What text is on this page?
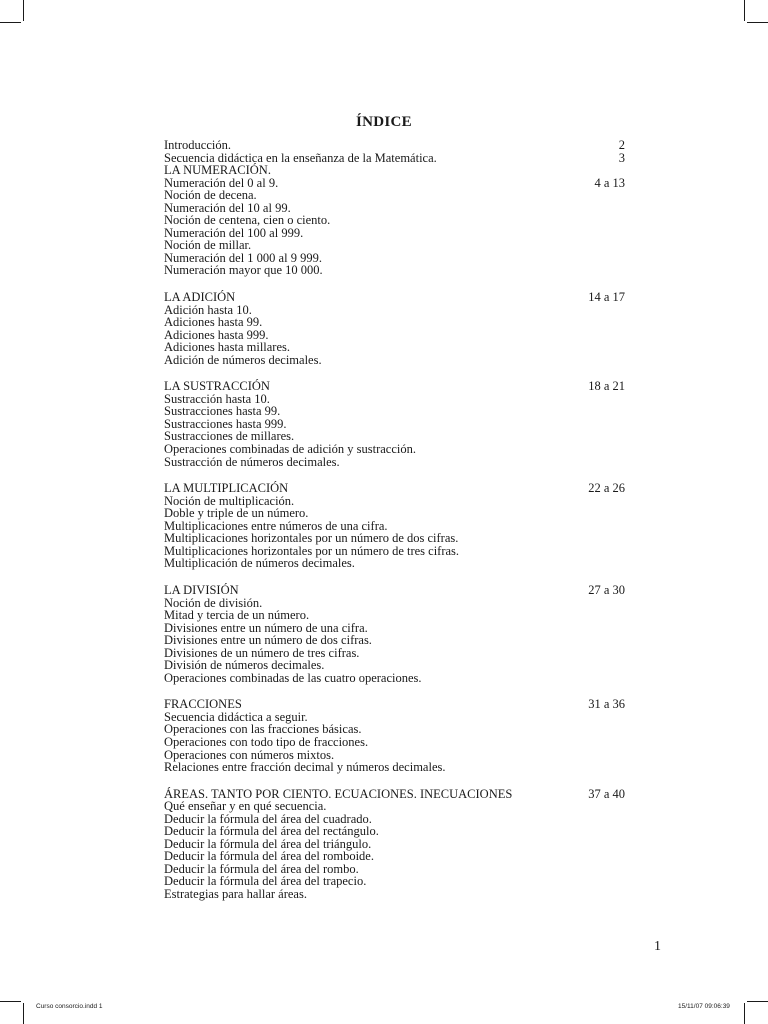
ÍNDICE
Introducción.	2
Secuencia didáctica en la enseñanza de la Matemática.	3
LA NUMERACIÓN.
Numeración del 0 al 9.	4 a 13
Noción de decena.
Numeración del 10 al 99.
Noción de centena, cien o ciento.
Numeración del 100 al 999.
Noción de millar.
Numeración del 1 000 al 9 999.
Numeración mayor que 10 000.
LA ADICIÓN	14 a 17
Adición hasta 10.
Adiciones hasta 99.
Adiciones hasta 999.
Adiciones hasta millares.
Adición de números decimales.
LA SUSTRACCIÓN	18 a 21
Sustracción hasta 10.
Sustracciones hasta 99.
Sustracciones hasta 999.
Sustracciones de millares.
Operaciones combinadas de adición y sustracción.
Sustracción de números decimales.
LA MULTIPLICACIÓN	22 a 26
Noción de multiplicación.
Doble y triple de un número.
Multiplicaciones entre números de una cifra.
Multiplicaciones horizontales por un número de dos cifras.
Multiplicaciones horizontales por un número de tres cifras.
Multiplicación de números decimales.
LA DIVISIÓN	27 a 30
Noción de división.
Mitad y tercia de un número.
Divisiones entre un número de una cifra.
Divisiones entre un número de dos cifras.
Divisiones de un número de tres cifras.
División de números decimales.
Operaciones combinadas de las cuatro operaciones.
FRACCIONES	31 a 36
Secuencia didáctica a seguir.
Operaciones con las fracciones básicas.
Operaciones con todo tipo de fracciones.
Operaciones con números mixtos.
Relaciones entre fracción decimal y números decimales.
ÁREAS. TANTO POR CIENTO. ECUACIONES. INECUACIONES	37 a 40
Qué enseñar y en qué secuencia.
Deducir la fórmula del área del cuadrado.
Deducir la fórmula del área del rectángulo.
Deducir la fórmula del área del triángulo.
Deducir la fórmula del área del romboide.
Deducir la fórmula del área del rombo.
Deducir la fórmula del área del trapecio.
Estrategias para hallar áreas.
1
Curso consorcio.indd 1	15/11/07 09:06:39
